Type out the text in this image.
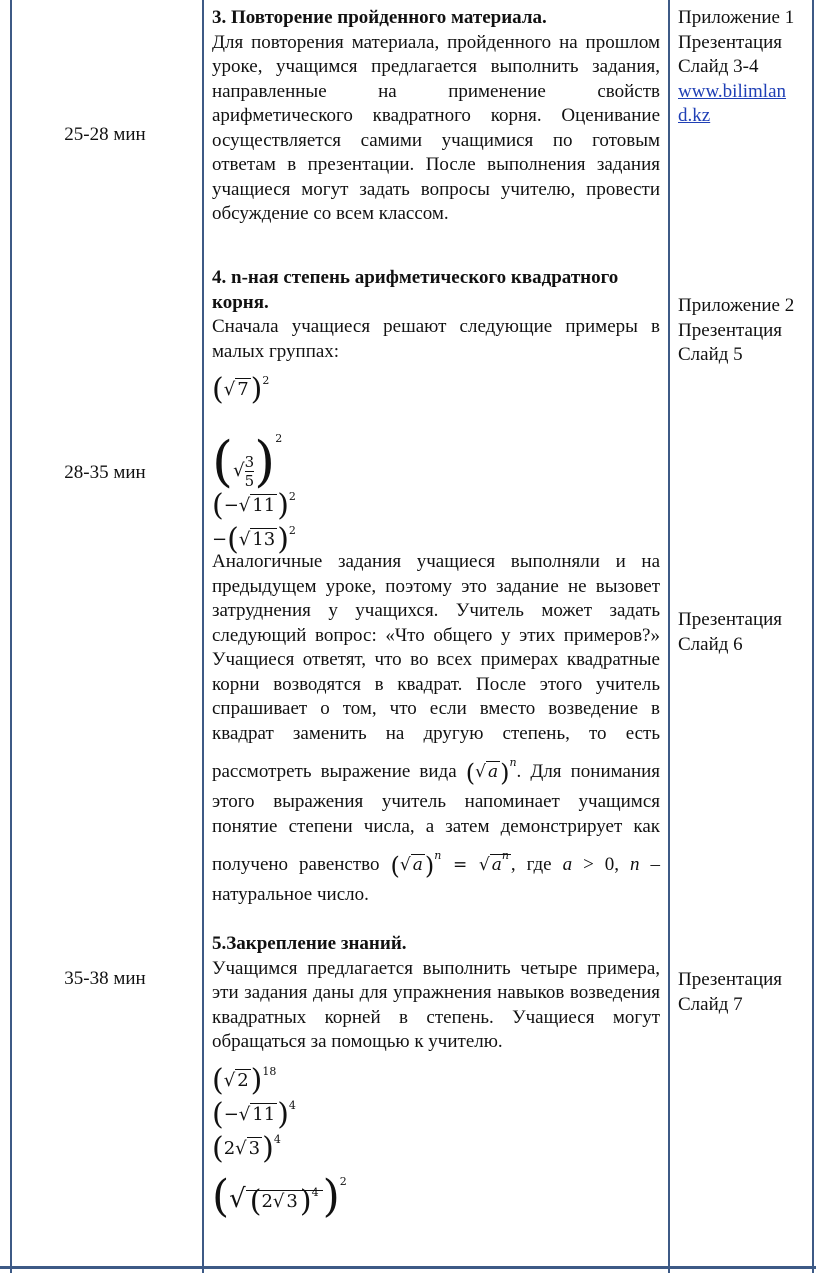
25-28 мин
28-35 мин
35-38 мин

3. Повторение пройденного материала.

Для повторения материала, пройденного на прошлом уроке, учащимся предлагается выполнить задания, направленные на применение свойств арифметического квадратного корня. Оценивание осуществляется самими учащимися по готовым ответам в презентации. После выполнения задания учащиеся могут задать вопросы учителю, провести обсуждение со всем классом.

4. n-ная степень арифметического квадратного корня.

Сначала учащиеся решают следующие примеры в малых группах:

(√ 7)$^2$
(√ $\frac{3}{5} )^2$
(−√ 11)$^2$
−(√ 13)$^2$

Аналогичные задания учащиеся выполняли и на предыдущем уроке, поэтому это задание не вызовет затруднения у учащихся. Учитель может задать следующий вопрос: «Что общего у этих примеров?» Учащиеся ответят, что во всех примерах квадратные корни возводятся в квадрат. После этого учитель спрашивает о том, что если вместо возведение в квадрат заменить на другую степень, то есть рассмотреть выражение вида (√ a)$^n$. Для понимания этого выражения учитель напоминает учащимся понятие степени числа, а затем демонстрирует как получено равенство (√ a)$^n$ = √ $a^n$ , где a > 0, n – натуральное число.

5.Закрепление знаний.

Учащимся предлагается выполнить четыре примера, эти задания даны для упражнения навыков возведения квадратных корней в степень. Учащиеся могут обращаться за помощью к учителю.

(√ 2)$^{18}$
(−√ 11)$^4$
(2√ 3)$^4$
(√ (2√ 3)$^4$)$^2$
Приложение 1
Презентация
Слайд 3-4
www.bilimlan
d.kz
Приложение 2
Презентация
Слайд 5
Презентация
Слайд 6
Презентация
Слайд 7
